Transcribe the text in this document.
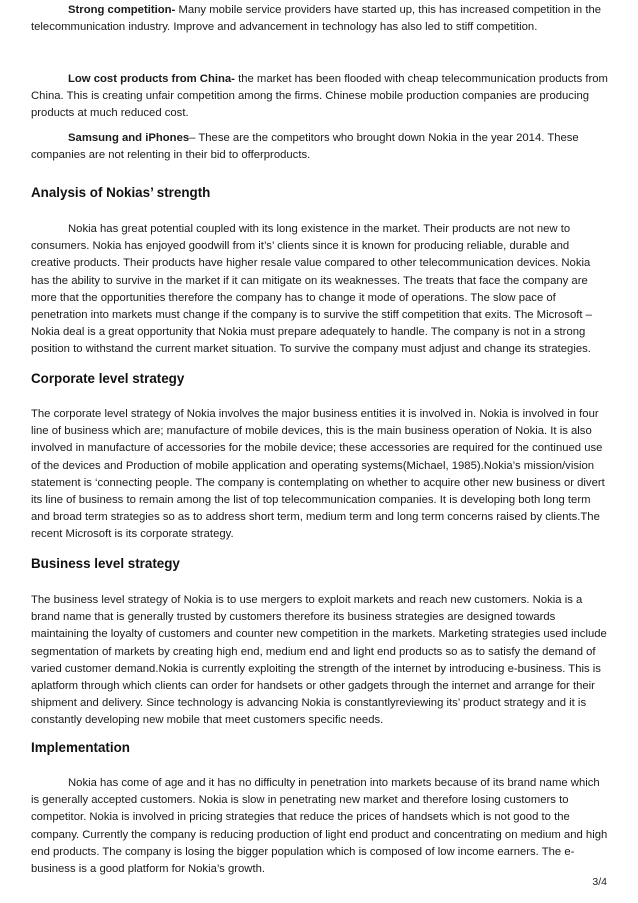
Strong competition- Many mobile service providers have started up, this has increased competition in the telecommunication industry. Improve and advancement in technology has also led to stiff competition.

Low cost products from China- the market has been flooded with cheap telecommunication products from China. This is creating unfair competition among the firms. Chinese mobile production companies are producing products at much reduced cost.

Samsung and iPhones– These are the competitors who brought down Nokia in the year 2014. These companies are not relenting in their bid to offerproducts.

Analysis of Nokias’ strength

Nokia has great potential coupled with its long existence in the market. Their products are not new to consumers. Nokia has enjoyed goodwill from it’s’ clients since it is known for producing reliable, durable and creative products. Their products have higher resale value compared to other telecommunication devices. Nokia has the ability to survive in the market if it can mitigate on its weaknesses. The treats that face the company are more that the opportunities therefore the company has to change it mode of operations. The slow pace of penetration into markets must change if the company is to survive the stiff competition that exits. The Microsoft – Nokia deal is a great opportunity that Nokia must prepare adequately to handle. The company is not in a strong position to withstand the current market situation. To survive the company must adjust and change its strategies.

Corporate level strategy

The corporate level strategy of Nokia involves the major business entities it is involved in. Nokia is involved in four line of business which are; manufacture of mobile devices, this is the main business operation of Nokia. It is also involved in manufacture of accessories for the mobile device; these accessories are required for the continued use of the devices and Production of mobile application and operating systems(Michael, 1985).Nokia’s mission/vision statement is ‘connecting people. The company is contemplating on whether to acquire other new business or divert its line of business to remain among the list of top telecommunication companies. It is developing both long term and broad term strategies so as to address short term, medium term and long term concerns raised by clients.The recent Microsoft is its corporate strategy.

Business level strategy

The business level strategy of Nokia is to use mergers to exploit markets and reach new customers. Nokia is a brand name that is generally trusted by customers therefore its business strategies are designed towards maintaining the loyalty of customers and counter new competition in the markets. Marketing strategies used include segmentation of markets by creating high end, medium end and light end products so as to satisfy the demand of varied customer demand.Nokia is currently exploiting the strength of the internet by introducing e-business. This is aplatform through which clients can order for handsets or other gadgets through the internet and arrange for their shipment and delivery. Since technology is advancing Nokia is constantlyreviewing its’ product strategy and it is constantly developing new mobile that meet customers specific needs.

Implementation

Nokia has come of age and it has no difficulty in penetration into markets because of its brand name which is generally accepted customers. Nokia is slow in penetrating new market and therefore losing customers to competitor. Nokia is involved in pricing strategies that reduce the prices of handsets which is not good to the company. Currently the company is reducing production of light end product and concentrating on medium and high end products. The company is losing the bigger population which is composed of low income earners. The e-business is a good platform for Nokia’s growth.

3/4
